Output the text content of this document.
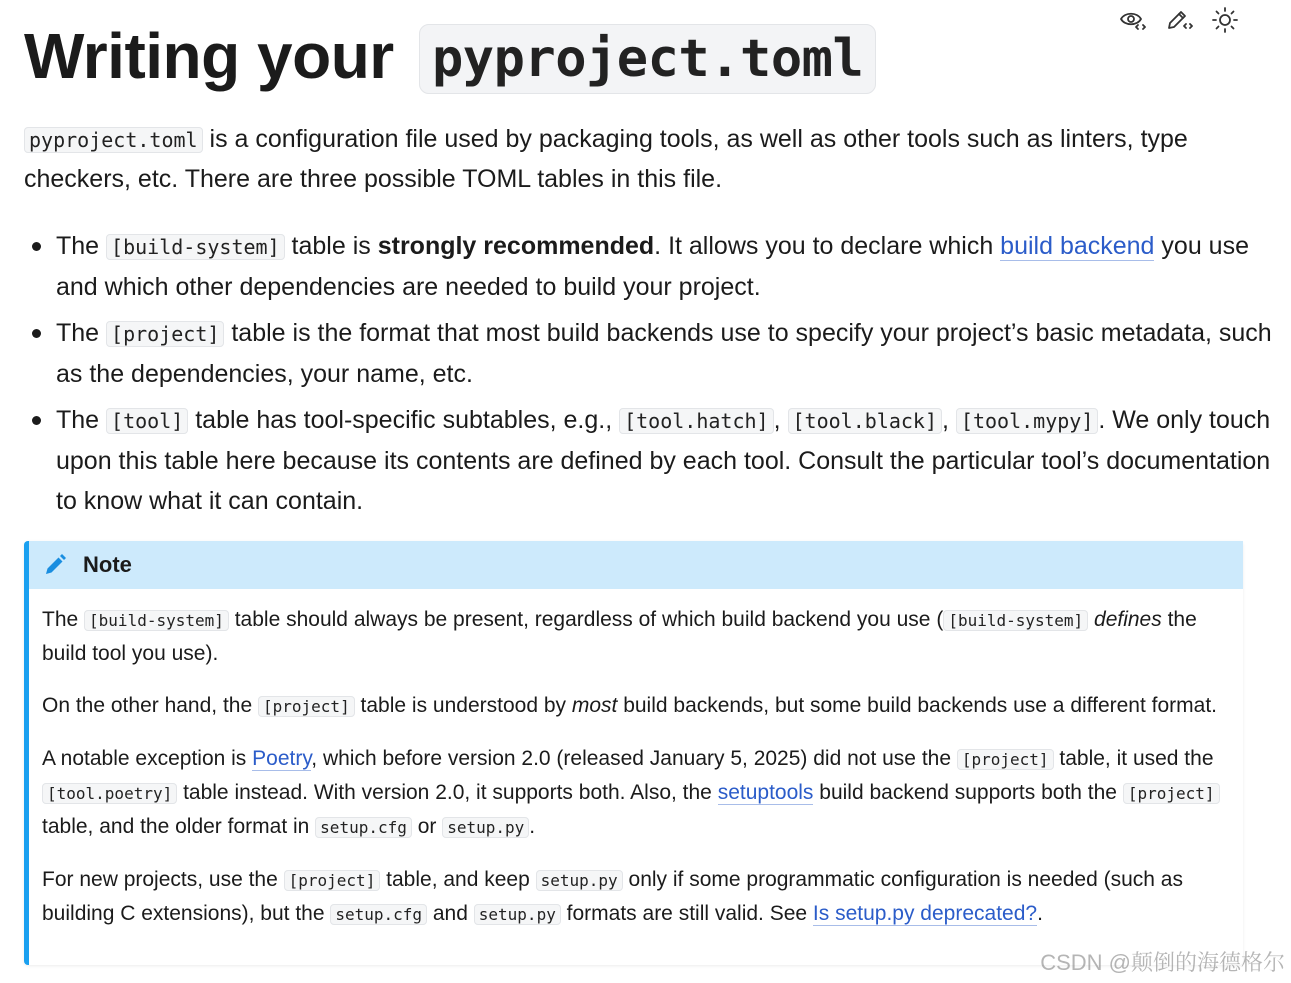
Writing your pyproject.toml

pyproject.toml is a configuration file used by packaging tools, as well as other tools such as linters, type checkers, etc. There are three possible TOML tables in this file.

The [build-system] table is strongly recommended. It allows you to declare which build backend you use and which other dependencies are needed to build your project.
The [project] table is the format that most build backends use to specify your project’s basic metadata, such as the dependencies, your name, etc.
The [tool] table has tool-specific subtables, e.g., [tool.hatch] , [tool.black] , [tool.mypy] . We only touch upon this table here because its contents are defined by each tool. Consult the particular tool’s documentation to know what it can contain.
Note

The [build-system] table should always be present, regardless of which build backend you use ( [build-system] defines the build tool you use).

On the other hand, the [project] table is understood by most build backends, but some build backends use a different format.

A notable exception is Poetry, which before version 2.0 (released January 5, 2025) did not use the [project] table, it used the [tool.poetry] table instead. With version 2.0, it supports both. Also, the setuptools build backend supports both the [project] table, and the older format in setup.cfg or setup.py .

For new projects, use the [project] table, and keep setup.py only if some programmatic configuration is needed (such as building C extensions), but the setup.cfg and setup.py formats are still valid. See Is setup.py deprecated?.

CSDN @颠倒的海德格尔
